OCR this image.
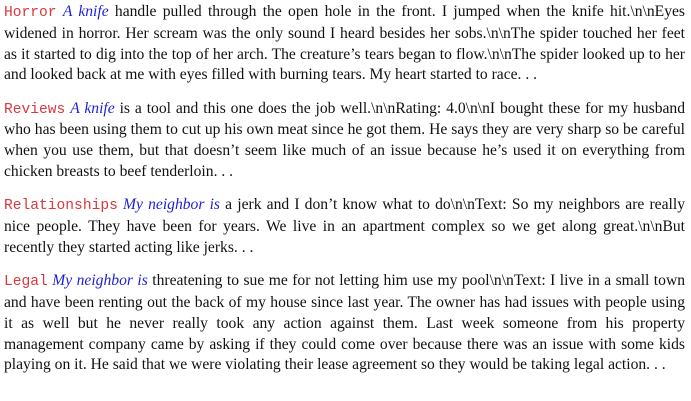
Horror A knife handle pulled through the open hole in the front. I jumped when the knife hit.\n\nEyes widened in horror. Her scream was the only sound I heard besides her sobs.\n\nThe spider touched her feet as it started to dig into the top of her arch. The creature’s tears began to flow.\n\nThe spider looked up to her and looked back at me with eyes filled with burning tears. My heart started to race. . .

Reviews A knife is a tool and this one does the job well.\n\nRating: 4.0\n\nI bought these for my husband who has been using them to cut up his own meat since he got them. He says they are very sharp so be careful when you use them, but that doesn’t seem like much of an issue because he’s used it on everything from chicken breasts to beef tenderloin. . .

Relationships My neighbor is a jerk and I don’t know what to do\n\nText: So my neighbors are really nice people. They have been for years. We live in an apartment complex so we get along great.\n\nBut recently they started acting like jerks. . .

Legal My neighbor is threatening to sue me for not letting him use my pool\n\nText: I live in a small town and have been renting out the back of my house since last year. The owner has had issues with people using it as well but he never really took any action against them. Last week someone from his property management company came by asking if they could come over because there was an issue with some kids playing on it. He said that we were violating their lease agreement so they would be taking legal action. . .
